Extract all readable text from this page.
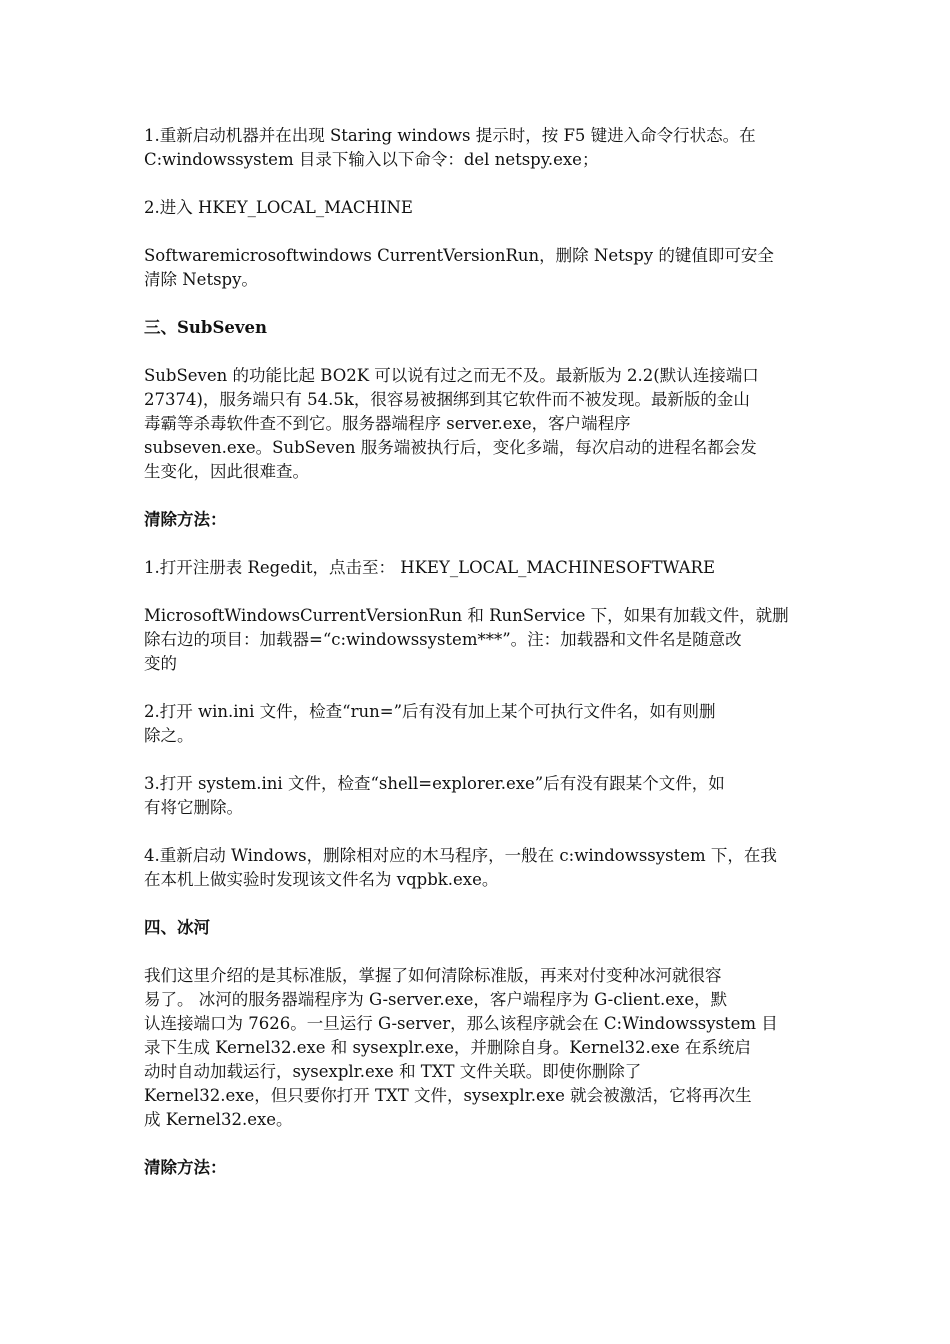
1.重新启动机器并在出现 Staring windows 提示时，按 F5 键进入命令行状态。在
C:windowssystem 目录下输入以下命令：del netspy.exe；
2.进入 HKEY_LOCAL_MACHINE
Softwaremicrosoftwindows CurrentVersionRun，删除 Netspy 的键值即可安全
清除 Netspy。
三、SubSeven
SubSeven 的功能比起 BO2K 可以说有过之而无不及。最新版为 2.2(默认连接端口
27374)，服务端只有 54.5k，很容易被捆绑到其它软件而不被发现。最新版的金山
毒霸等杀毒软件查不到它。服务器端程序 server.exe，客户端程序
subseven.exe。SubSeven 服务端被执行后，变化多端，每次启动的进程名都会发
生变化，因此很难查。
清除方法：
1.打开注册表 Regedit，点击至： HKEY_LOCAL_MACHINESOFTWARE
MicrosoftWindowsCurrentVersionRun 和 RunService 下，如果有加载文件，就删
除右边的项目：加载器=“c:windowssystem***”。注：加载器和文件名是随意改
变的
2.打开 win.ini 文件，检查“run=”后有没有加上某个可执行文件名，如有则删
除之。
3.打开 system.ini 文件，检查“shell=explorer.exe”后有没有跟某个文件，如
有将它删除。
4.重新启动 Windows，删除相对应的木马程序，一般在 c:windowssystem 下，在我
在本机上做实验时发现该文件名为 vqpbk.exe。
四、冰河
我们这里介绍的是其标准版，掌握了如何清除标准版，再来对付变种冰河就很容
易了。 冰河的服务器端程序为 G-server.exe，客户端程序为 G-client.exe，默
认连接端口为 7626。一旦运行 G-server，那么该程序就会在 C:Windowssystem 目
录下生成 Kernel32.exe 和 sysexplr.exe，并删除自身。Kernel32.exe 在系统启
动时自动加载运行，sysexplr.exe 和 TXT 文件关联。即使你删除了
Kernel32.exe，但只要你打开 TXT 文件，sysexplr.exe 就会被激活，它将再次生
成 Kernel32.exe。
清除方法：
